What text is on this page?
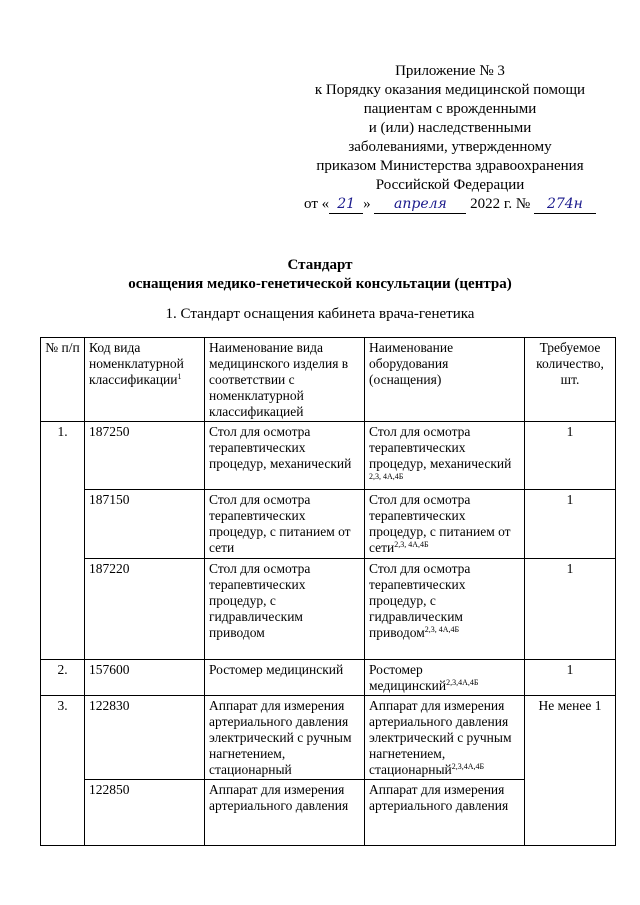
Приложение № 3
к Порядку оказания медицинской помощи
пациентам с врожденными
и (или) наследственными
заболеваниями, утвержденному
приказом Министерства здравоохранения
Российской Федерации
от « 21 » апреля 2022 г. № 274н
Стандарт
оснащения медико-генетической консультации (центра)
1. Стандарт оснащения кабинета врача-генетика
№ п/п	Код вида номенклатурной классификации$^1$	Наименование вида медицинского изделия в соответствии с номенклатурной классификацией	Наименование оборудования (оснащения)	Требуемое количество, шт.
1.	187250	Стол для осмотра терапевтических процедур, механический	Стол для осмотра терапевтических процедур, механический $^{2,3, 4А,4Б}$	1
	187150	Стол для осмотра терапевтических процедур, с питанием от сети	Стол для осмотра терапевтических процедур, с питанием от сети$^{2,3, 4А,4Б}$	1
	187220	Стол для осмотра терапевтических процедур, с гидравлическим приводом	Стол для осмотра терапевтических процедур, с гидравлическим приводом$^{2,3, 4А,4Б}$	1
2.	157600	Ростомер медицинский	Ростомер медицинский$^{2,3,4А,4Б}$	1
3.	122830	Аппарат для измерения артериального давления электрический с ручным нагнетением, стационарный	Аппарат для измерения артериального давления электрический с ручным нагнетением, стационарный$^{2,3,4А,4Б}$	Не менее 1
	122850	Аппарат для измерения артериального давления	Аппарат для измерения артериального давления	
